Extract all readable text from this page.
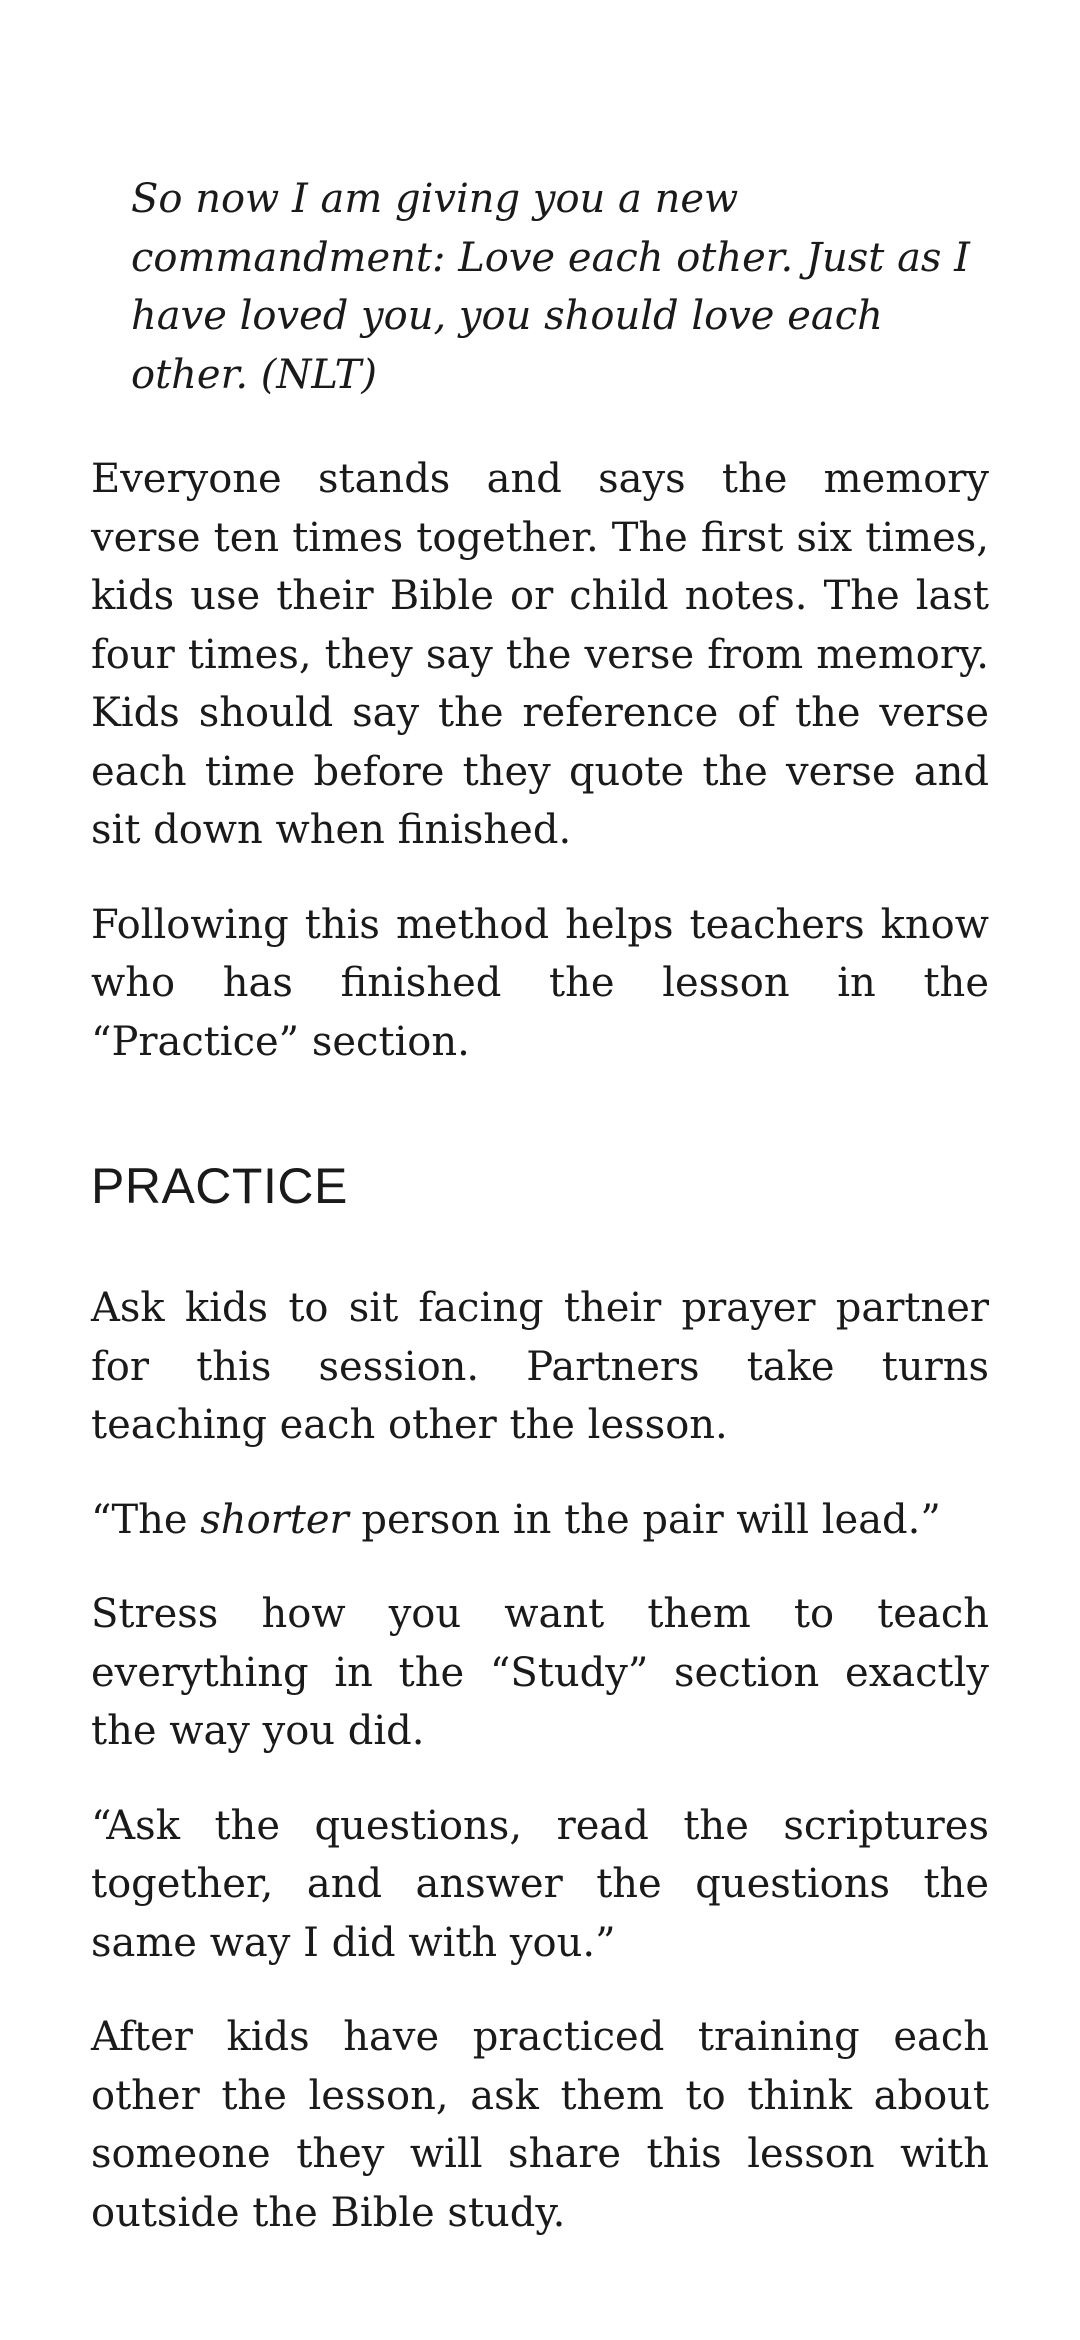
So now I am giving you a new commandment: Love each other. Just as I have loved you, you should love each other. (NLT)

Everyone stands and says the memory verse ten times together. The first six times, kids use their Bible or child notes. The last four times, they say the verse from memory. Kids should say the reference of the verse each time before they quote the verse and sit down when finished.

Following this method helps teachers know who has finished the lesson in the “Practice” section.

PRACTICE

Ask kids to sit facing their prayer partner for this session. Partners take turns teaching each other the lesson.

“The shorter person in the pair will lead.”

Stress how you want them to teach everything in the “Study” section exactly the way you did.

“Ask the questions, read the scriptures together, and answer the questions the same way I did with you.”

After kids have practiced training each other the lesson, ask them to think about someone they will share this lesson with outside the Bible study.
